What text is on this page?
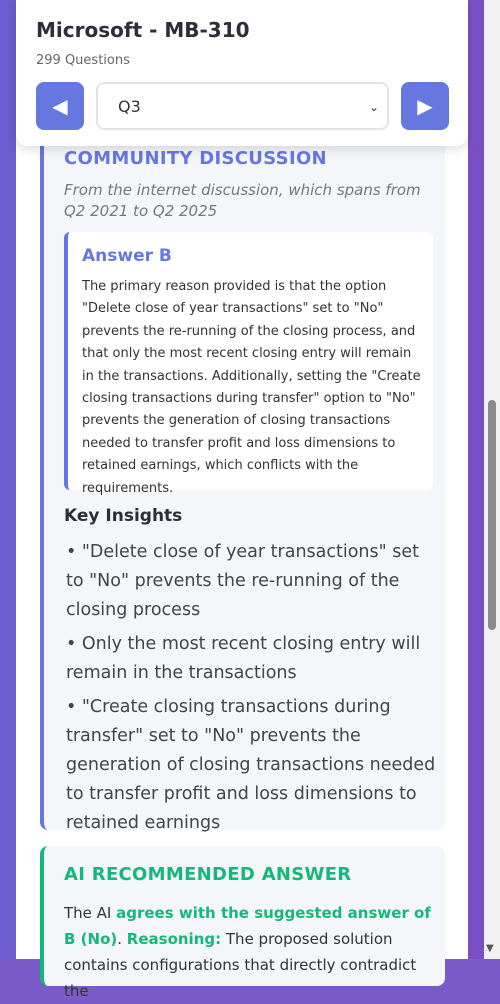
COMMUNITY DISCUSSION
From the internet discussion, which spans from Q2 2021 to Q2 2025
Answer B
The primary reason provided is that the option "Delete close of year transactions" set to "No" prevents the re-running of the closing process, and that only the most recent closing entry will remain in the transactions. Additionally, setting the "Create closing transactions during transfer" option to "No" prevents the generation of closing transactions needed to transfer profit and loss dimensions to retained earnings, which conflicts with the requirements.
Key Insights
• "Delete close of year transactions" set to "No" prevents the re-running of the closing process
• Only the most recent closing entry will remain in the transactions
• "Create closing transactions during transfer" set to "No" prevents the generation of closing transactions needed to transfer profit and loss dimensions to retained earnings
AI RECOMMENDED ANSWER
The AI agrees with the suggested answer of B (No). Reasoning: The proposed solution contains configurations that directly contradict the
Microsoft - MB-310
299 Questions
◀	Q3	⌄ ▶
▼
